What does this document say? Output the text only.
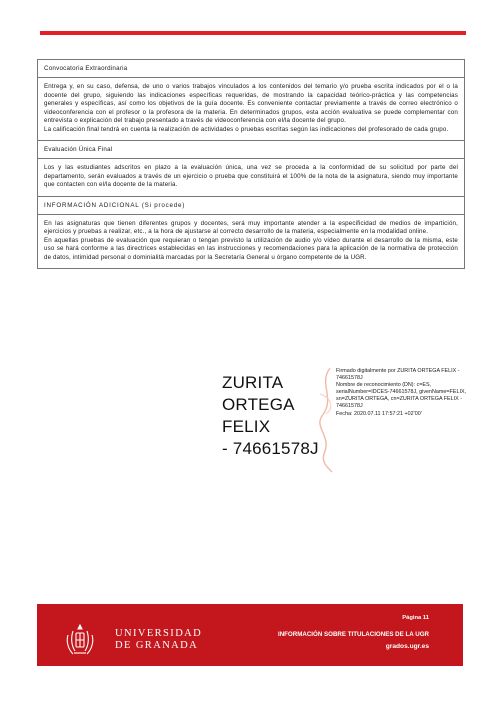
Convocatoria Extraordinaria

Entrega y, en su caso, defensa, de uno o varios trabajos vinculados a los contenidos del temario y/o prueba escrita indicados por el o la docente del grupo, siguiendo las indicaciones específicas requeridas, de mostrando la capacidad teórico-práctica y las competencias generales y específicas, así como los objetivos de la guía docente. Es conveniente contactar previamente a través de correo electrónico o videoconferencia con el profesor o la profesora de la materia. En determinados grupos, esta acción evaluativa se puede complementar con entrevista o explicación del trabajo presentado a través de videoconferencia con el/la docente del grupo.

La calificación final tendrá en cuenta la realización de actividades o pruebas escritas según las indicaciones del profesorado de cada grupo.

Evaluación Única Final

Los y las estudiantes adscritos en plazo a la evaluación única, una vez se proceda a la conformidad de su solicitud por parte del departamento, serán evaluados a través de un ejercicio o prueba que constituirá el 100% de la nota de la asignatura, siendo muy importante que contacten con el/la docente de la materia.

INFORMACIÓN ADICIONAL (Si procede)

En las asignaturas que tienen diferentes grupos y docentes, será muy importante atender a la especificidad de medios de impartición, ejercicios y pruebas a realizar, etc., a la hora de ajustarse al correcto desarrollo de la materia, especialmente en la modalidad online.

En aquellas pruebas de evaluación que requieran o tengan previsto la utilización de audio y/o vídeo durante el desarrollo de la misma, este uso se hará conforme a las directrices establecidas en las instrucciones y recomendaciones para la aplicación de la normativa de protección de datos, intimidad personal o dominialità marcadas por la Secretaría General u órgano competente de la UGR.

ZURITA
ORTEGA FELIX
- 74661578J
Firmado digitalmente por ZURITA ORTEGA FELIX - 74661578J
Nombre de reconocimiento (DN): c=ES, serialNumber=IDCES-74661578J, givenName=FELIX, sn=ZURITA ORTEGA, cn=ZURITA ORTEGA FELIX - 74661578J
Fecha: 2020.07.11 17:57:21 +02'00'
UNIVERSIDAD
DE GRANADA
Página 11
INFORMACIÓN SOBRE TITULACIONES DE LA UGR
grados.ugr.es
